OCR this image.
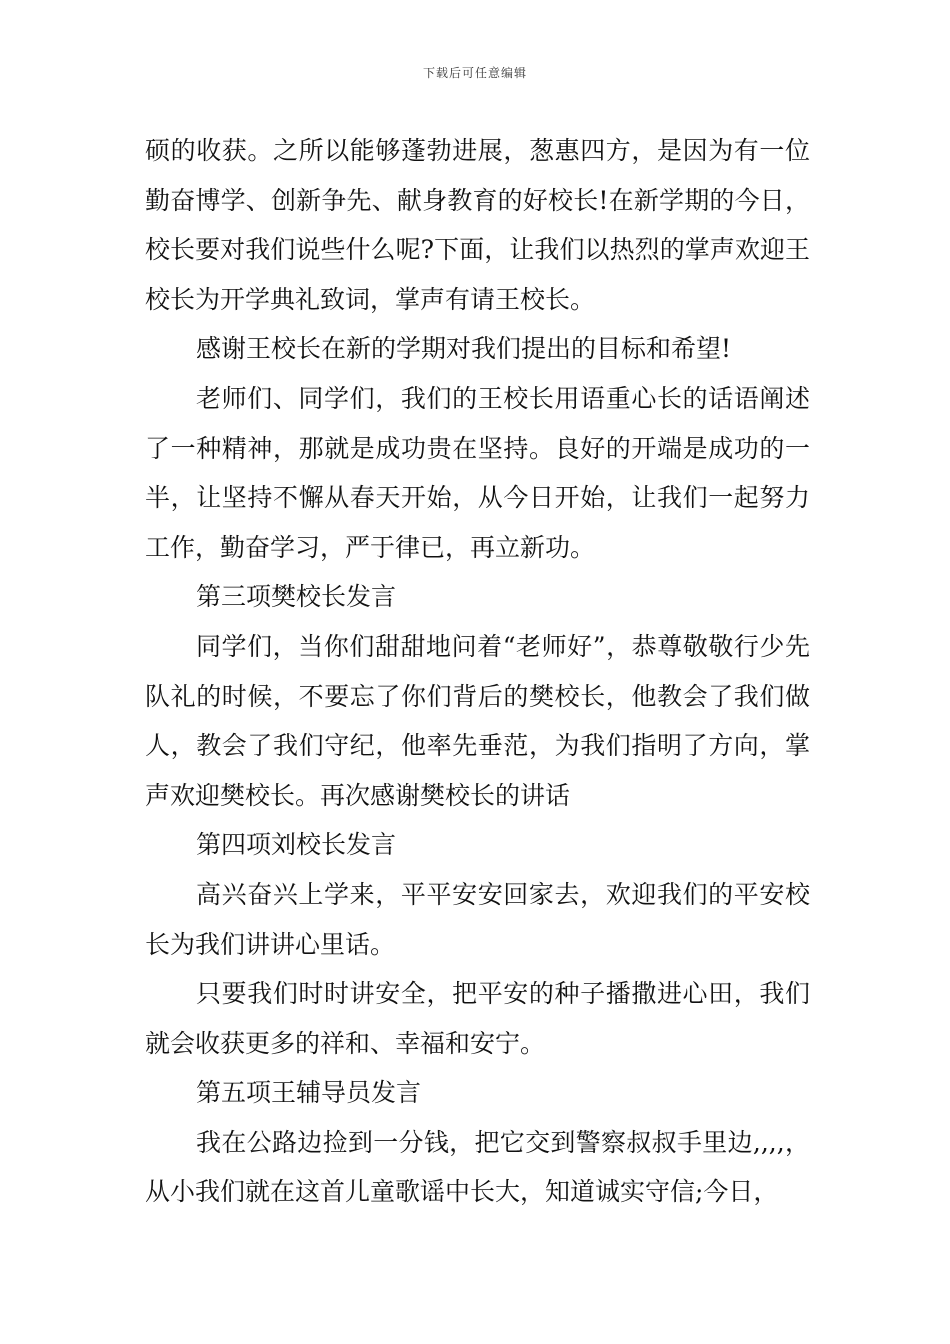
下载后可任意编辑

硕的收获。之所以能够蓬勃进展，葱惠四方，是因为有一位勤奋博学、创新争先、献身教育的好校长!在新学期的今日，校长要对我们说些什么呢?下面，让我们以热烈的掌声欢迎王校长为开学典礼致词，掌声有请王校长。

感谢王校长在新的学期对我们提出的目标和希望!

老师们、同学们，我们的王校长用语重心长的话语阐述了一种精神，那就是成功贵在坚持。良好的开端是成功的一半，让坚持不懈从春天开始，从今日开始，让我们一起努力工作，勤奋学习，严于律已，再立新功。

第三项樊校长发言

同学们，当你们甜甜地问着“老师好”，恭尊敬敬行少先队礼的时候，不要忘了你们背后的樊校长，他教会了我们做人，教会了我们守纪，他率先垂范，为我们指明了方向，掌声欢迎樊校长。再次感谢樊校长的讲话

第四项刘校长发言

高兴奋兴上学来，平平安安回家去，欢迎我们的平安校长为我们讲讲心里话。

只要我们时时讲安全，把平安的种子播撒进心田，我们就会收获更多的祥和、幸福和安宁。

第五项王辅导员发言

我在公路边捡到一分钱，把它交到警察叔叔手里边,,,,，从小我们就在这首儿童歌谣中长大，知道诚实守信;今日，
